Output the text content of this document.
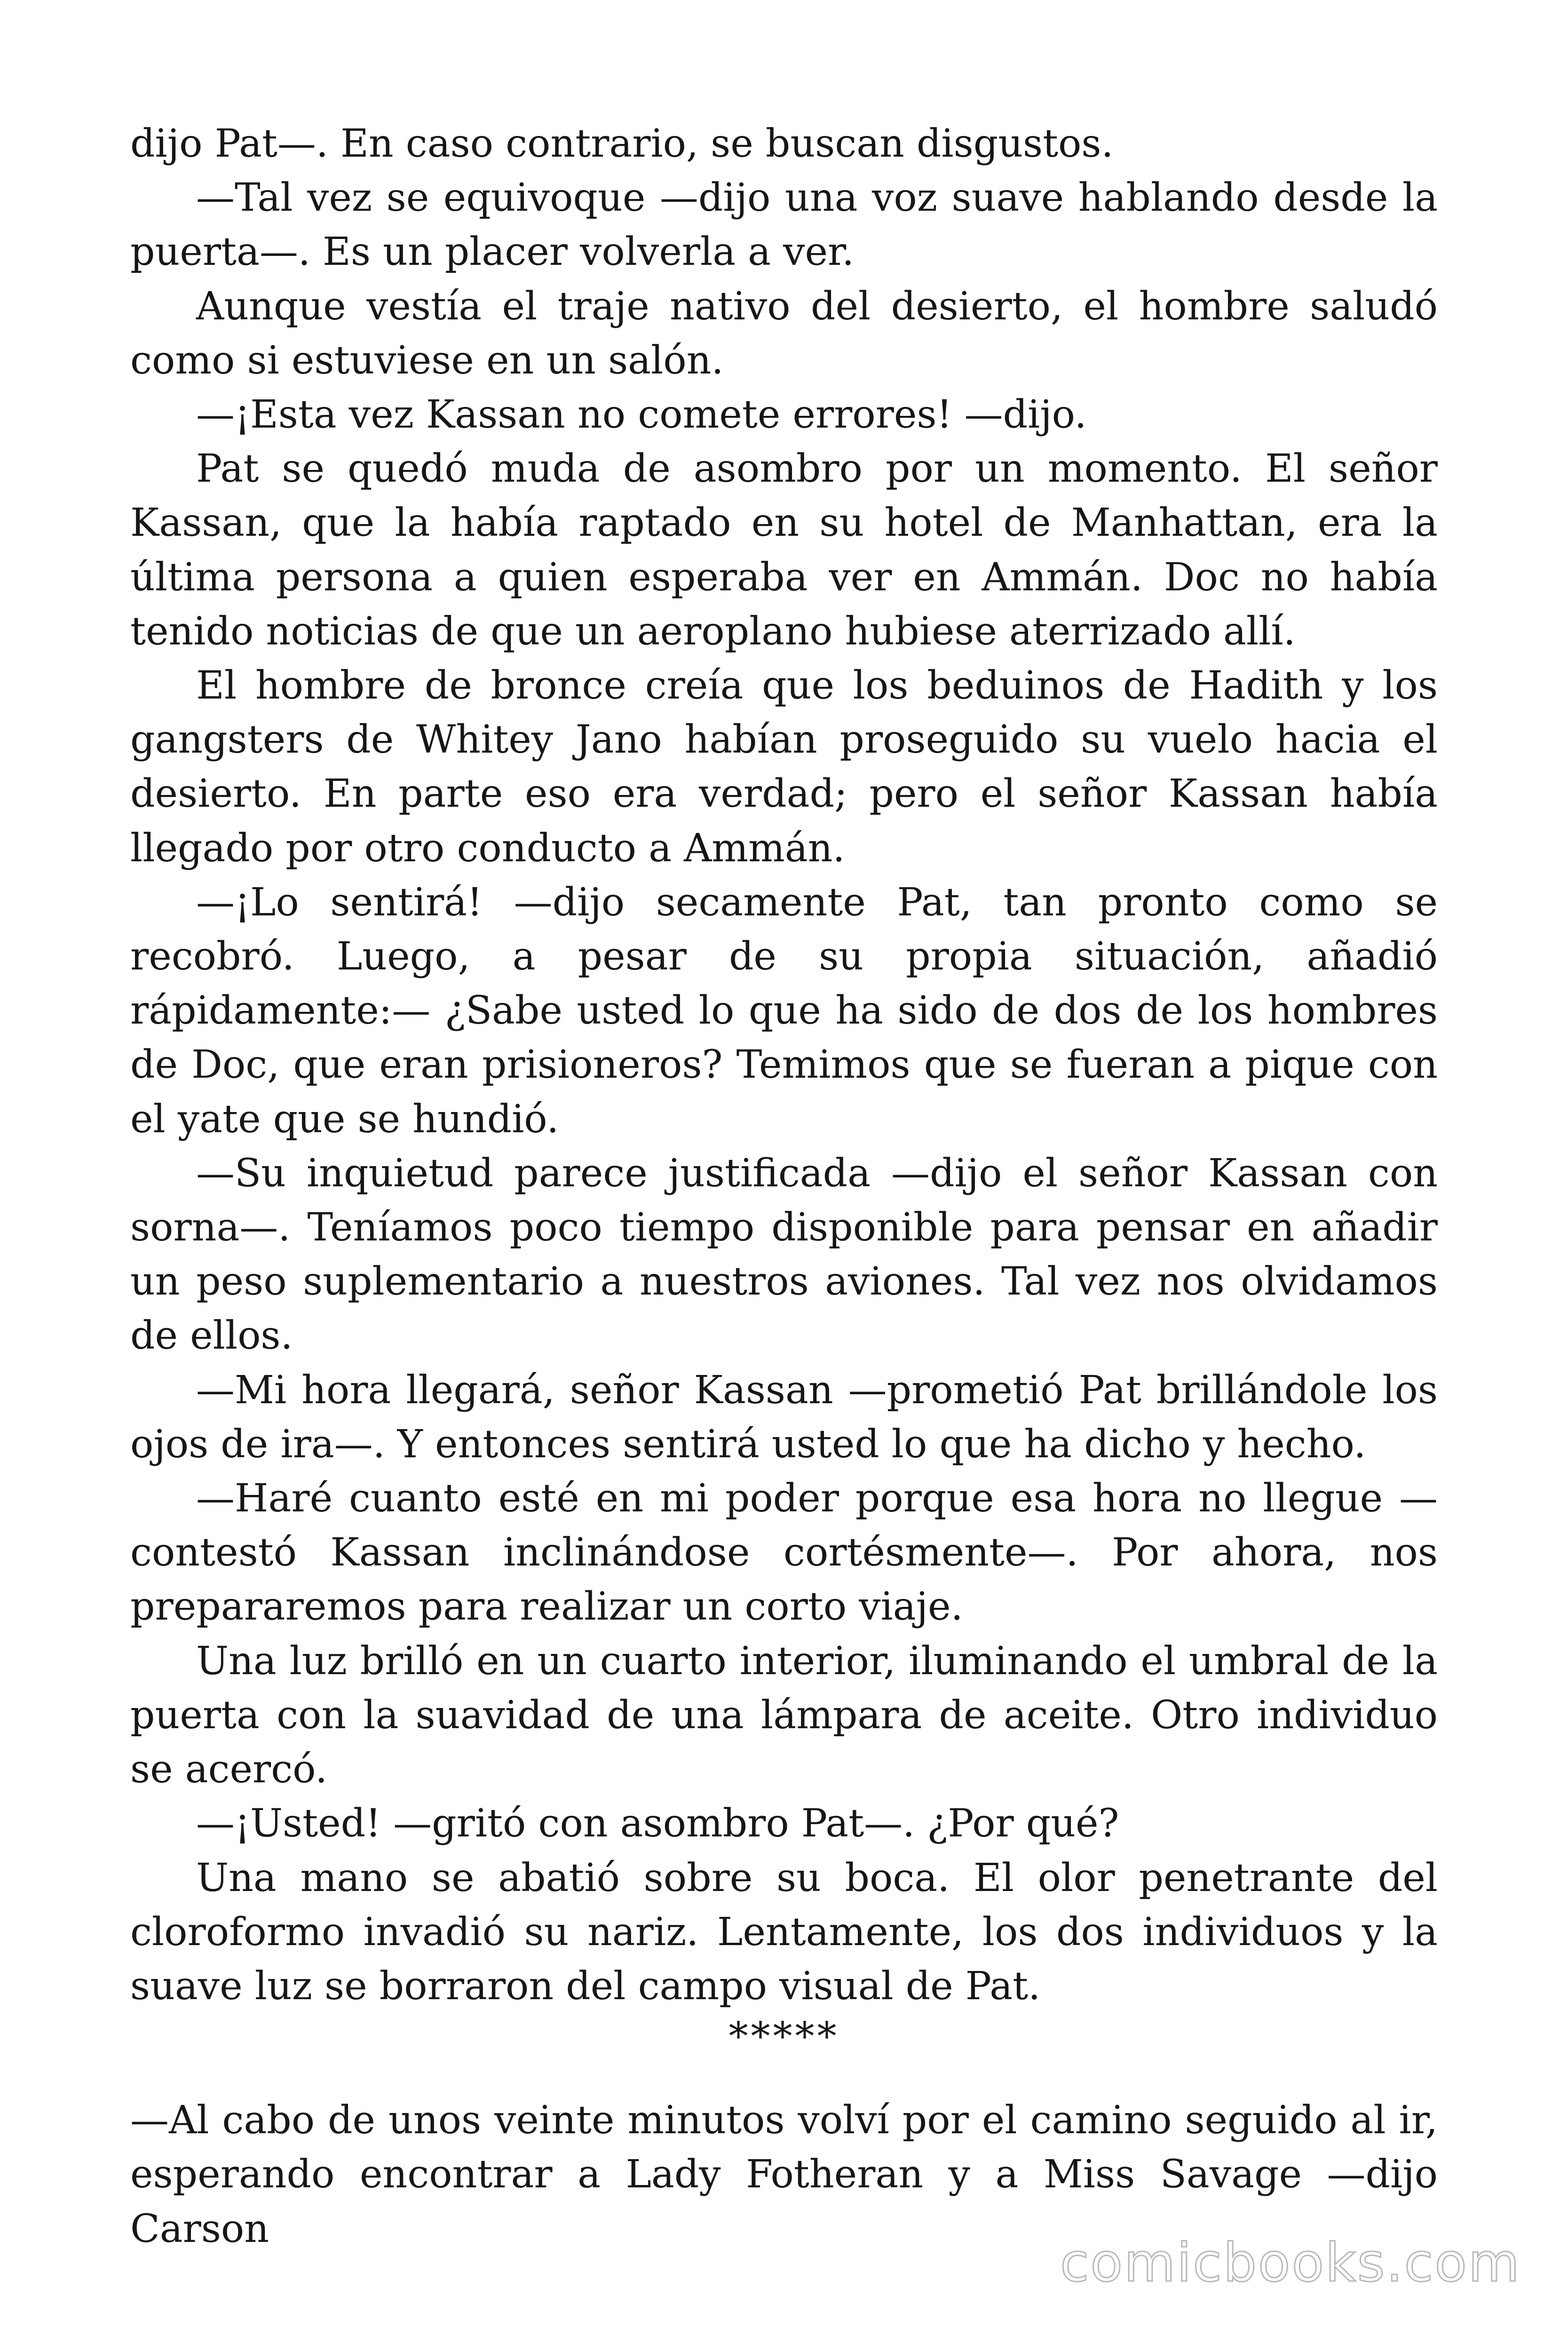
dijo Pat—. En caso contrario, se buscan disgustos.

—Tal vez se equivoque —dijo una voz suave hablando desde la puerta—. Es un placer volverla a ver.

Aunque vestía el traje nativo del desierto, el hombre saludó como si estuviese en un salón.

—¡Esta vez Kassan no comete errores! —dijo.

Pat se quedó muda de asombro por un momento. El señor Kassan, que la había raptado en su hotel de Manhattan, era la última persona a quien esperaba ver en Ammán. Doc no había tenido noticias de que un aeroplano hubiese aterrizado allí.

El hombre de bronce creía que los beduinos de Hadith y los gangsters de Whitey Jano habían proseguido su vuelo hacia el desierto. En parte eso era verdad; pero el señor Kassan había llegado por otro conducto a Ammán.

—¡Lo sentirá! —dijo secamente Pat, tan pronto como se recobró. Luego, a pesar de su propia situación, añadió rápidamente:— ¿Sabe usted lo que ha sido de dos de los hombres de Doc, que eran prisioneros? Temimos que se fueran a pique con el yate que se hundió.

—Su inquietud parece justificada —dijo el señor Kassan con sorna—. Teníamos poco tiempo disponible para pensar en añadir un peso suplementario a nuestros aviones. Tal vez nos olvidamos de ellos.

—Mi hora llegará, señor Kassan —prometió Pat brillándole los ojos de ira—. Y entonces sentirá usted lo que ha dicho y hecho.

—Haré cuanto esté en mi poder porque esa hora no llegue —contestó Kassan inclinándose cortésmente—. Por ahora, nos prepararemos para realizar un corto viaje.

Una luz brilló en un cuarto interior, iluminando el umbral de la puerta con la suavidad de una lámpara de aceite. Otro individuo se acercó.

—¡Usted! —gritó con asombro Pat—. ¿Por qué?

Una mano se abatió sobre su boca. El olor penetrante del cloroformo invadió su nariz. Lentamente, los dos individuos y la suave luz se borraron del campo visual de Pat.

*****

—Al cabo de unos veinte minutos volví por el camino seguido al ir, esperando encontrar a Lady Fotheran y a Miss Savage —dijo Carson

comicbooks.com
